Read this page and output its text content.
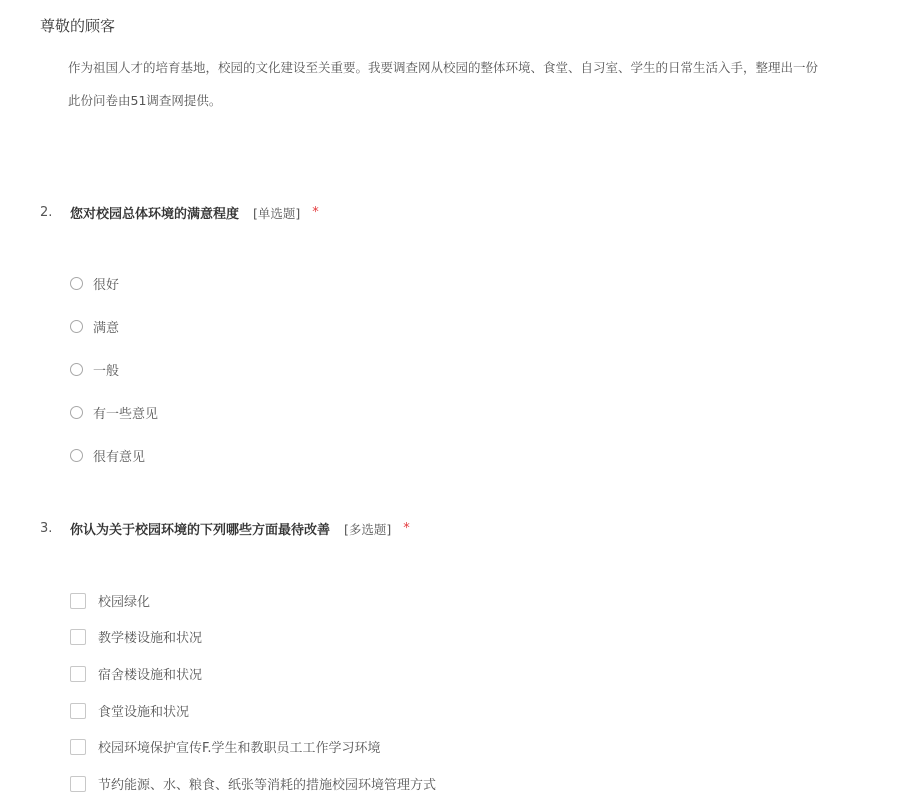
尊敬的顾客
作为祖国人才的培育基地，校园的文化建设至关重要。我要调查网从校园的整体环境、食堂、自习室、学生的日常生活入手，整理出一份
此份问卷由51调查网提供。
2.	您对校园总体环境的满意程度 [单选题] *
很好
满意
一般
有一些意见
很有意见
3.	你认为关于校园环境的下列哪些方面最待改善 [多选题] *
校园绿化
教学楼设施和状况
宿舍楼设施和状况
食堂设施和状况
校园环境保护宣传F.学生和教职员工工作学习环境
节约能源、水、粮食、纸张等消耗的措施校园环境管理方式
